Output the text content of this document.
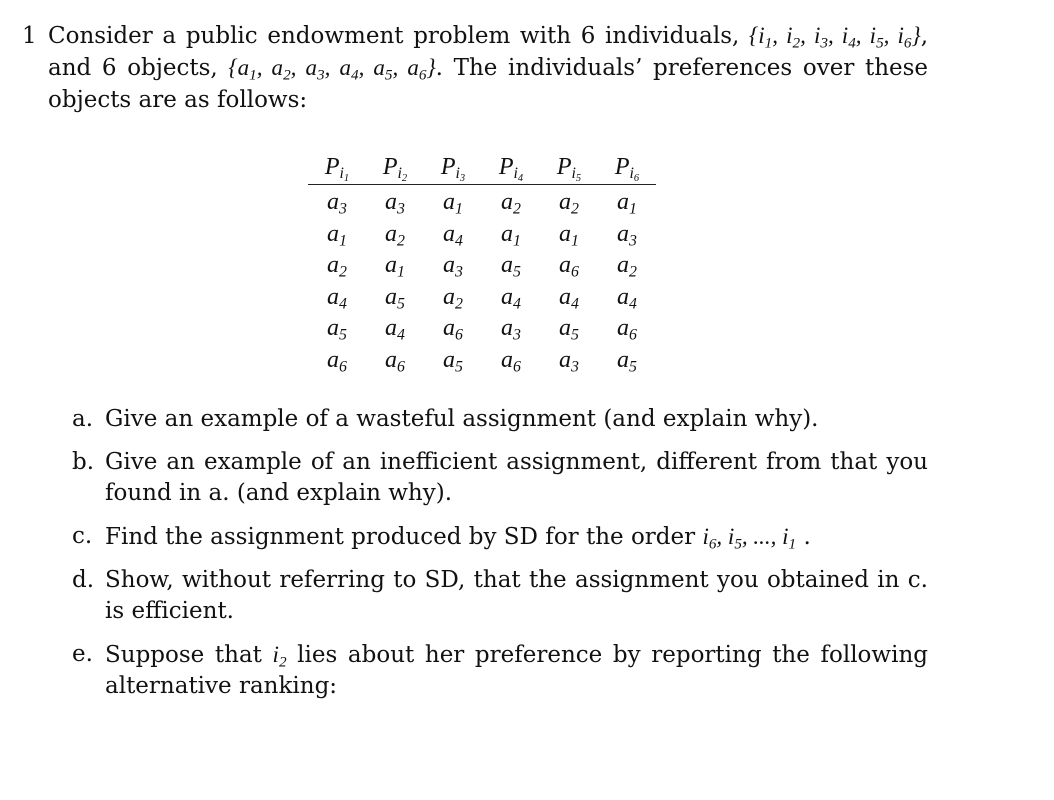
1 Consider a public endowment problem with 6 individuals, {$i_1$, $i_2$, $i_3$, $i_4$, $i_5$, $i_6$}, and 6 objects, {$a_1$, $a_2$, $a_3$, $a_4$, $a_5$, $a_6$}. The individuals’ preferences over these objects are as follows:
$P_{i_1}$	$P_{i_2}$	$P_{i_3}$	$P_{i_4}$	$P_{i_5}$	$P_{i_6}$
$a_3$	$a_3$	$a_1$	$a_2$	$a_2$	$a_1$
$a_1$	$a_2$	$a_4$	$a_1$	$a_1$	$a_3$
$a_2$	$a_1$	$a_3$	$a_5$	$a_6$	$a_2$
$a_4$	$a_5$	$a_2$	$a_4$	$a_4$	$a_4$
$a_5$	$a_4$	$a_6$	$a_3$	$a_5$	$a_6$
$a_6$	$a_6$	$a_5$	$a_6$	$a_3$	$a_5$
a. Give an example of a wasteful assignment (and explain why).
b. Give an example of an inefficient assignment, different from that you found in a. (and explain why).
c. Find the assignment produced by SD for the order $i_6$, $i_5$, ..., $i_1$ .
d. Show, without referring to SD, that the assignment you obtained in c. is efficient.
e. Suppose that $i_2$ lies about her preference by reporting the following alternative ranking:
